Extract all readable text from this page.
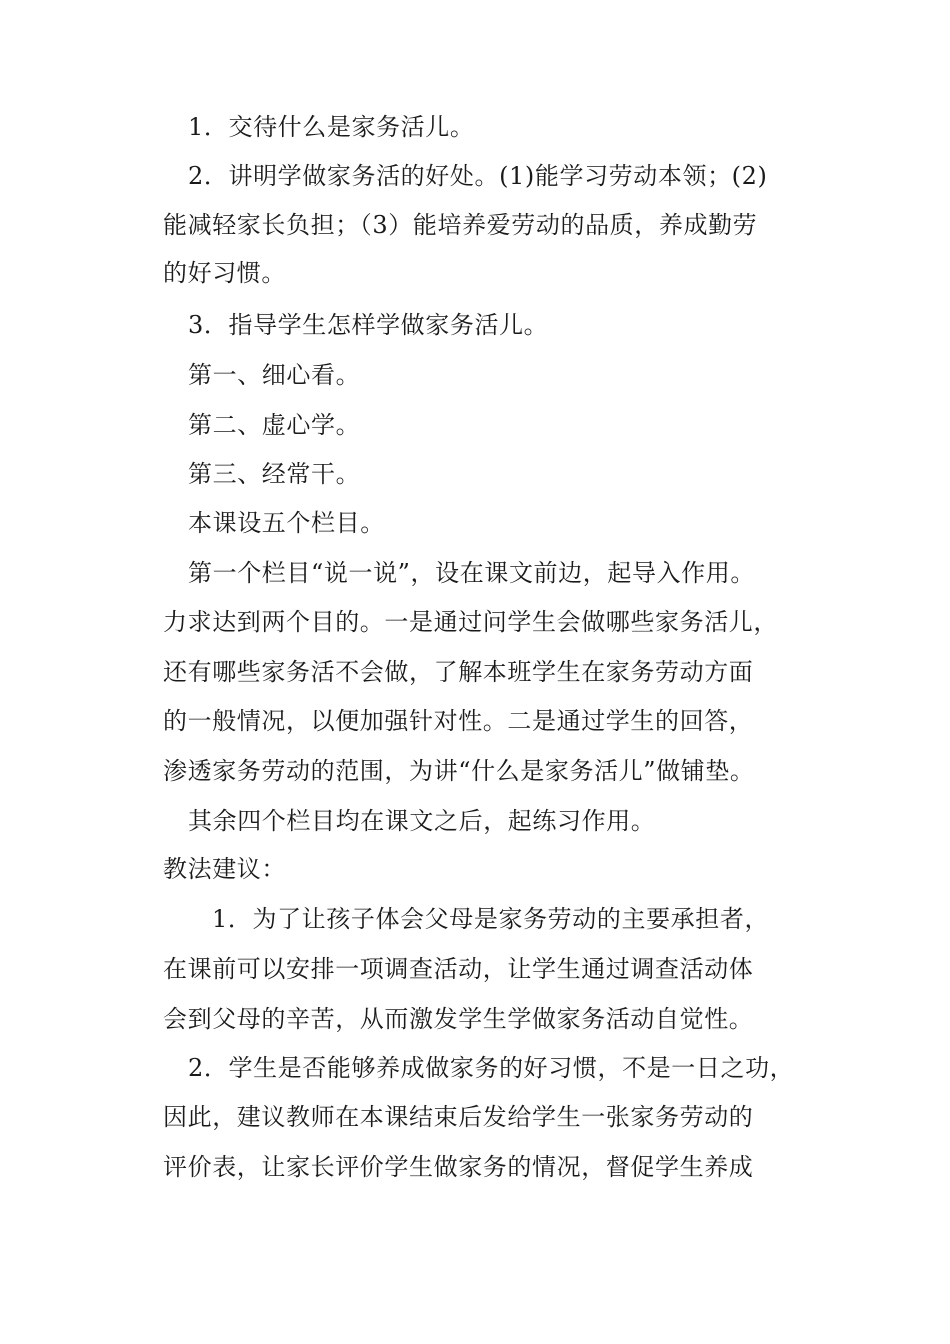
1．交待什么是家务活儿。
2．讲明学做家务活的好处。(1)能学习劳动本领；(2)
能减轻家长负担；（3）能培养爱劳动的品质，养成勤劳
的好习惯。
3．指导学生怎样学做家务活儿。
第一、细心看。
第二、虚心学。
第三、经常干。
本课设五个栏目。
第一个栏目“说一说”，设在课文前边，起导入作用。
力求达到两个目的。一是通过问学生会做哪些家务活儿，
还有哪些家务活不会做，了解本班学生在家务劳动方面
的一般情况，以便加强针对性。二是通过学生的回答，
渗透家务劳动的范围，为讲“什么是家务活儿”做铺垫。
其余四个栏目均在课文之后，起练习作用。
教法建议：
1．为了让孩子体会父母是家务劳动的主要承担者，
在课前可以安排一项调查活动，让学生通过调查活动体
会到父母的辛苦，从而激发学生学做家务活动自觉性。
2．学生是否能够养成做家务的好习惯，不是一日之功，
因此，建议教师在本课结束后发给学生一张家务劳动的
评价表，让家长评价学生做家务的情况，督促学生养成
